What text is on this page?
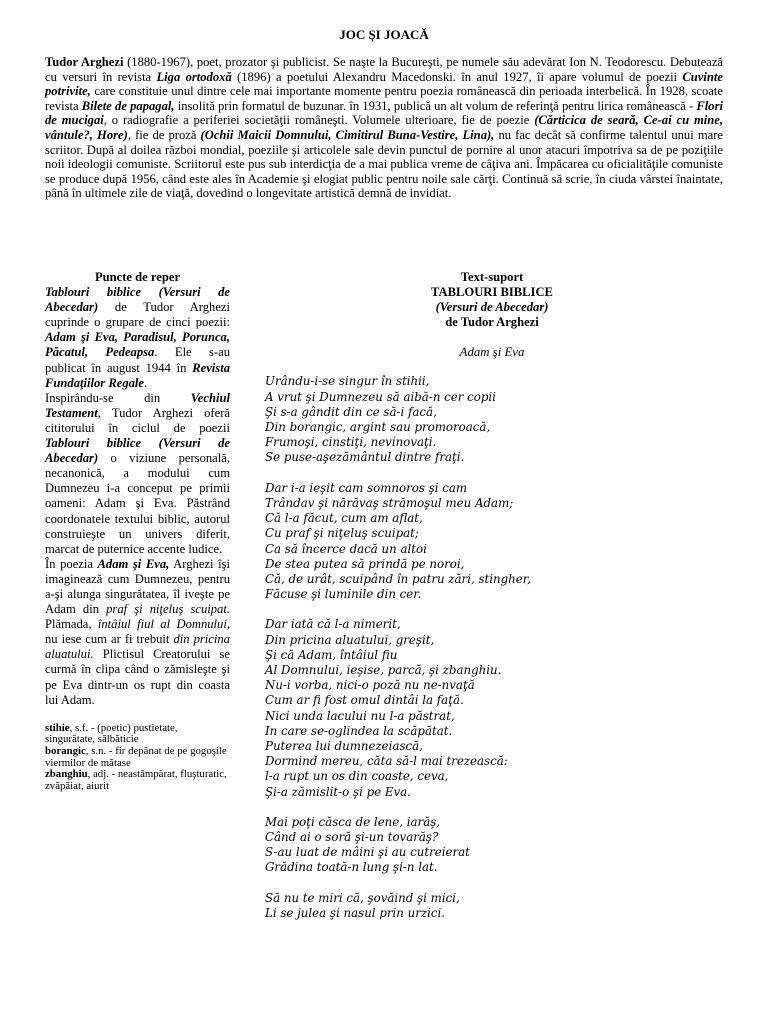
JOC ŞI JOACĂ

Tudor Arghezi (1880-1967), poet, prozator şi publicist. Se naşte la Bucureşti, pe numele său adevărat Ion N. Teodorescu. Debutează cu versuri în revista Liga ortodoxă (1896) a poetului Alexandru Macedonski. în anul 1927, îi apare volumul de poezii Cuvinte potrivite, care constituie unul dintre cele mai importante momente pentru poezia românească din perioada interbelică. În 1928, scoate revista Bilete de papagal, insolită prin formatul de buzunar. în 1931, publică un alt volum de referinţă pentru lirica românească - Flori de mucigai, o radiografie a periferiei societăţii româneşti. Volumele ulterioare, fie de poezie (Cărticica de seară, Ce-ai cu mine, vântule?, Hore), fie de proză (Ochii Maicii Domnului, Cimitirul Buna-Vestire, Lina), nu fac decât să confirme talentul unui mare scriitor. După al doilea război mondial, poeziile şi articolele sale devin punctul de pornire al unor atacuri împotriva sa de pe poziţiile noii ideologii comuniste. Scriitorul este pus sub interdicţia de a mai publica vreme de câţiva ani. Împăcarea cu oficialităţile comuniste se produce după 1956, când este ales în Academie şi elogiat public pentru noile sale cărţi. Continuă să scrie, în ciuda vârstei înaintate, până în ultimele zile de viaţă, dovedind o longevitate artistică demnă de invidiat.

Puncte de reper

Tablouri biblice (Versuri de Abecedar) de Tudor Arghezi cuprinde o grupare de cinci poezii: Adam şi Eva, Paradisul, Porunca, Păcatul, Pedeapsa. Ele s-au publicat în august 1944 în Revista Fundaţiilor Regale.

Inspirându-se din Vechiul Testament, Tudor Arghezi oferă cititorului în ciclul de poezii Tablouri biblice (Versuri de Abecedar) o viziune personală, necanonică, a modului cum Dumnezeu i-a conceput pe primii oameni: Adam şi Eva. Păstrând coordonatele textului biblic, autorul construieşte un univers diferit, marcat de puternice accente ludice.

În poezia Adam şi Eva, Arghezi îşi imaginează cum Dumnezeu, pentru a-şi alunga singurătatea, îl iveşte pe Adam din praf şi niţeluş scuipat. Plămada, întâiul fiul al Domnului, nu iese cum ar fi trebuit din pricina aluatului. Plictisul Creatorului se curmă în clipa când o zămisleşte şi pe Eva dintr-un os rupt din coasta lui Adam.

stihie, s.f. - (poetic) pustietate, singurătate, sălbăticie

borangic, s.n. - fir depănat de pe gogoşile viermilor de mătase

zbanghiu, adj. - neastâmpărat, fluşturatic, zvăpăiat, aiurit

Text-suport

TABLOURI BIBLICE

(Versuri de Abecedar)

de Tudor Arghezi

Adam şi Eva

Urându-i-se singur în stihii,
A vrut şi Dumnezeu să aibă-n cer copii
Şi s-a gândit din ce să-i facă,
Din borangic, argint sau promoroacă,
Frumoşi, cinstiţi, nevinovaţi.
Se puse-aşezământul dintre fraţi.
Dar i-a ieşit cam somnoros şi cam
Trândav şi nărăvaş strămoşul meu Adam;
Că l-a făcut, cum am aflat,
Cu praf şi niţeluş scuipat;
Ca să încerce dacă un altoi
De stea putea să prindă pe noroi,
Că, de urât, scuipând în patru zări, stingher,
Făcuse şi luminile din cer.
Dar iată că l-a nimerit,
Din pricina aluatului, greşit,
Şi că Adam, întâiul fiu
Al Domnului, ieşise, parcă, şi zbanghiu.
Nu-i vorba, nici-o poză nu ne-nvaţă
Cum ar fi fost omul dintâi la faţă.
Nici unda lacului nu l-a păstrat,
In care se-oglindea la scăpătat.
Puterea lui dumnezeiască,
Dormind mereu, căta să-l mai trezească:
l-a rupt un os din coaste, ceva,
Şi-a zămislit-o şi pe Eva.
Mai poţi căsca de lene, iarăş,
Când ai o soră şi-un tovarăş?
S-au luat de mâini şi au cutreierat
Grădina toată-n lung şi-n lat.
Să nu te miri că, şovăind şi mici,
Li se julea şi nasul prin urzici.
